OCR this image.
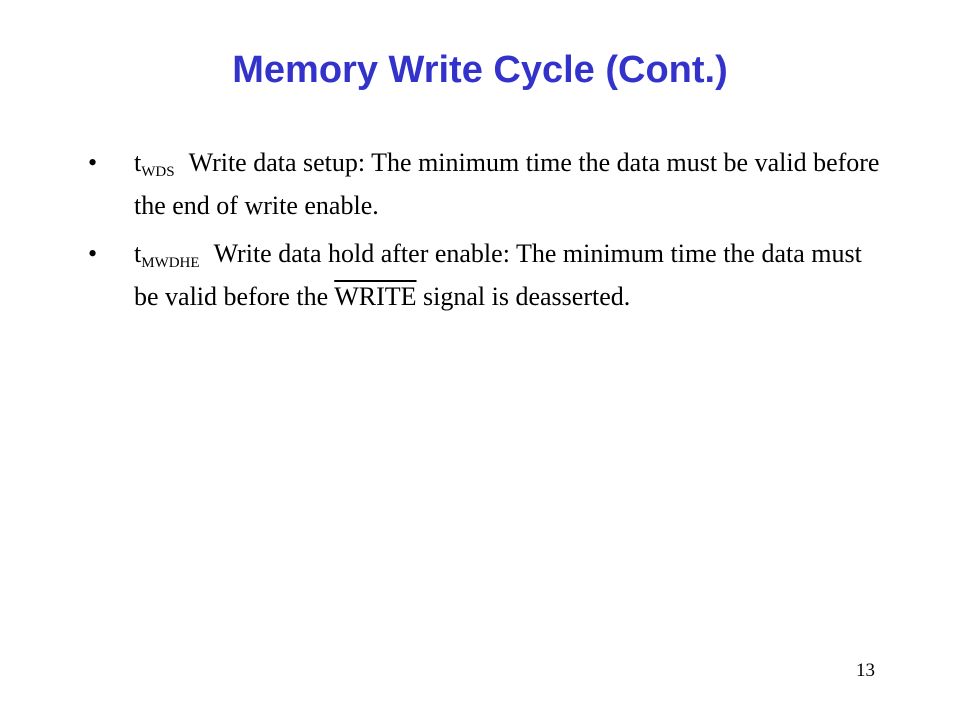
Memory Write Cycle (Cont.)
•	tWDS Write data setup: The minimum time the data must be valid before the end of write enable.
•	tMWDHE Write data hold after enable: The minimum time the data must be valid before the WRITE signal is deasserted.
13
